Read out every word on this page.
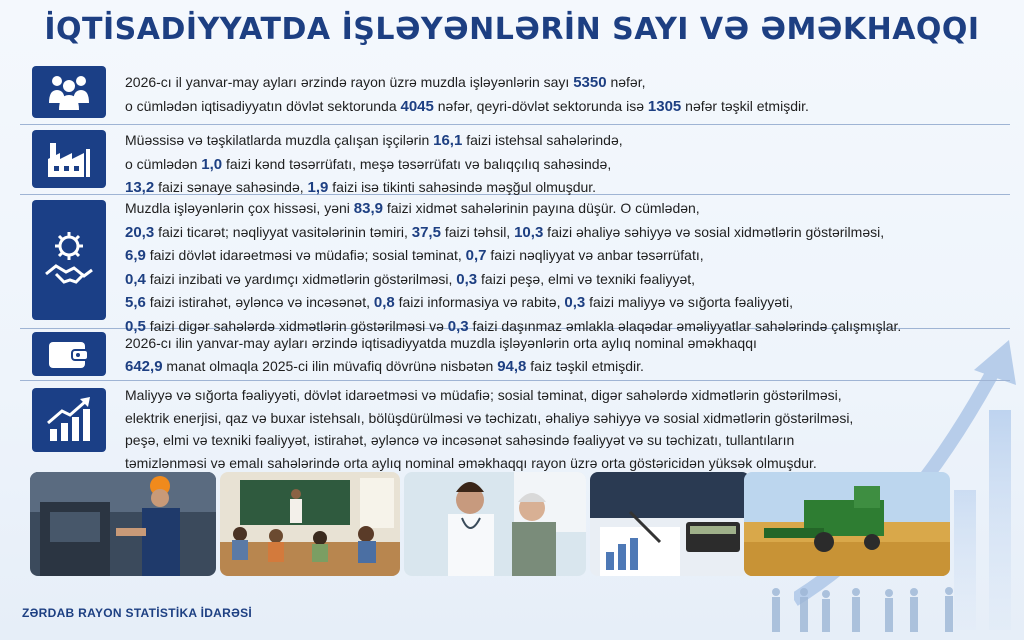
İQTİSADİYYATDA İŞLƏYƏNLƏRİN SAYI VƏ ƏMƏKHAQQI
2026-cı il yanvar-may ayları ərzində rayon üzrə muzdla işləyənlərin sayı 5350 nəfər,
o cümlədən iqtisadiyyatın dövlət sektorunda 4045 nəfər, qeyri-dövlət sektorunda isə 1305 nəfər təşkil etmişdir.
Müəssisə və təşkilatlarda muzdla çalışan işçilərin 16,1 faizi istehsal sahələrində,
o cümlədən 1,0 faizi kənd təsərrüfatı, meşə təsərrüfatı və balıqçılıq sahəsində,
13,2 faizi sənaye sahəsində, 1,9 faizi isə tikinti sahəsində məşğul olmuşdur.
Muzdla işləyənlərin çox hissəsi, yəni 83,9 faizi xidmət sahələrinin payına düşür. O cümlədən,
20,3 faizi ticarət; nəqliyyat vasitələrinin təmiri, 37,5 faizi təhsil, 10,3 faizi əhaliyə səhiyyə və sosial xidmətlərin göstərilməsi,
6,9 faizi dövlət idarəetməsi və müdafiə; sosial təminat, 0,7 faizi nəqliyyat və anbar təsərrüfatı,
0,4 faizi inzibati və yardımçı xidmətlərin göstərilməsi, 0,3 faizi peşə, elmi və texniki fəaliyyət,
5,6 faizi istirahət, əyləncə və incəsənət, 0,8 faizi informasiya və rabitə, 0,3 faizi maliyyə və sığorta fəaliyyəti,
0,5 faizi digər sahələrdə xidmətlərin göstərilməsi və 0,3 faizi daşınmaz əmlakla əlaqədar əməliyyatlar sahələrində çalışmışlar.
2026-cı ilin yanvar-may ayları ərzində iqtisadiyyatda muzdla işləyənlərin orta aylıq nominal əməkhaqqı
642,9 manat olmaqla 2025-ci ilin müvafiq dövrünə nisbətən 94,8 faiz təşkil etmişdir.
Maliyyə və sığorta fəaliyyəti, dövlət idarəetməsi və müdafiə; sosial təminat, digər sahələrdə xidmətlərin göstərilməsi,
elektrik enerjisi, qaz və buxar istehsalı, bölüşdürülməsi və təchizatı, əhaliyə səhiyyə və sosial xidmətlərin göstərilməsi,
peşə, elmi və texniki fəaliyyət, istirahət, əyləncə və incəsənət sahəsində fəaliyyət və su təchizatı, tullantıların
təmizlənməsi və emalı sahələrində orta aylıq nominal əməkhaqqı rayon üzrə orta göstəricidən yüksək olmuşdur.
ZƏRDAB RAYON STATİSTİKA İDARƏSİ
